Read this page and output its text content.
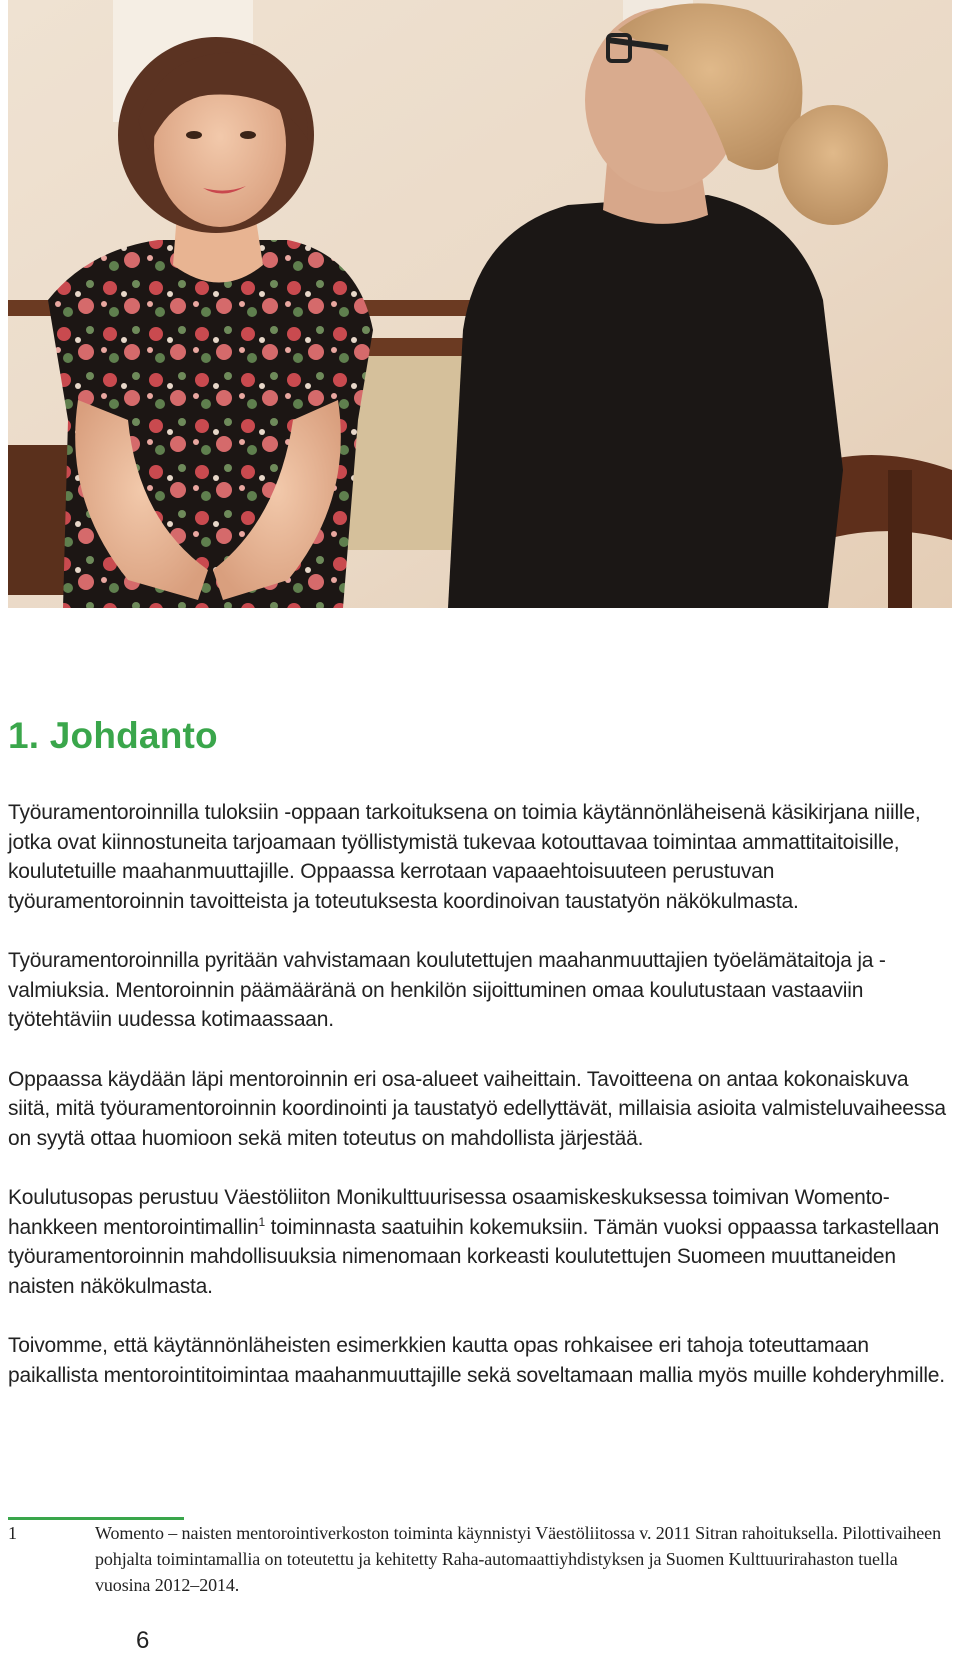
1. Johdanto

Työuramentoroinnilla tuloksiin -oppaan tarkoituksena on toimia käytännönläheisenä käsikirjana niille, jotka ovat kiinnostuneita tarjoamaan työllistymistä tukevaa kotouttavaa toimintaa ammattitaitoisille, koulutetuille maahanmuuttajille. Oppaassa kerrotaan vapaaehtoisuuteen perustuvan työuramentoroinnin tavoitteista ja toteutuksesta koordinoivan taustatyön näkökulmasta.

Työuramentoroinnilla pyritään vahvistamaan koulutettujen maahanmuuttajien työelämätaitoja ja -valmiuksia. Mentoroinnin päämääränä on henkilön sijoittuminen omaa koulutustaan vastaaviin työtehtäviin uudessa kotimaassaan.

Oppaassa käydään läpi mentoroinnin eri osa-alueet vaiheittain. Tavoitteena on antaa kokonaiskuva siitä, mitä työuramentoroinnin koordinointi ja taustatyö edellyttävät, millaisia asioita valmisteluvaiheessa on syytä ottaa huomioon sekä miten toteutus on mahdollista järjestää.

Koulutusopas perustuu Väestöliiton Monikulttuurisessa osaamiskeskuksessa toimivan Womento-hankkeen mentorointimallin$^1$ toiminnasta saatuihin kokemuksiin. Tämän vuoksi oppaassa tarkastellaan työuramentoroinnin mahdollisuuksia nimenomaan korkeasti koulutettujen Suomeen muuttaneiden naisten näkökulmasta.

Toivomme, että käytännönläheisten esimerkkien kautta opas rohkaisee eri tahoja toteuttamaan paikallista mentorointitoimintaa maahanmuuttajille sekä soveltamaan mallia myös muille kohderyhmille.

1	Womento – naisten mentorointiverkoston toiminta käynnistyi Väestöliitossa v. 2011 Sitran rahoituksella. Pilottivaiheen pohjalta toimintamallia on toteutettu ja kehitetty Raha-automaattiyhdistyksen ja Suomen Kulttuurirahaston tuella vuosina 2012–2014.

6
